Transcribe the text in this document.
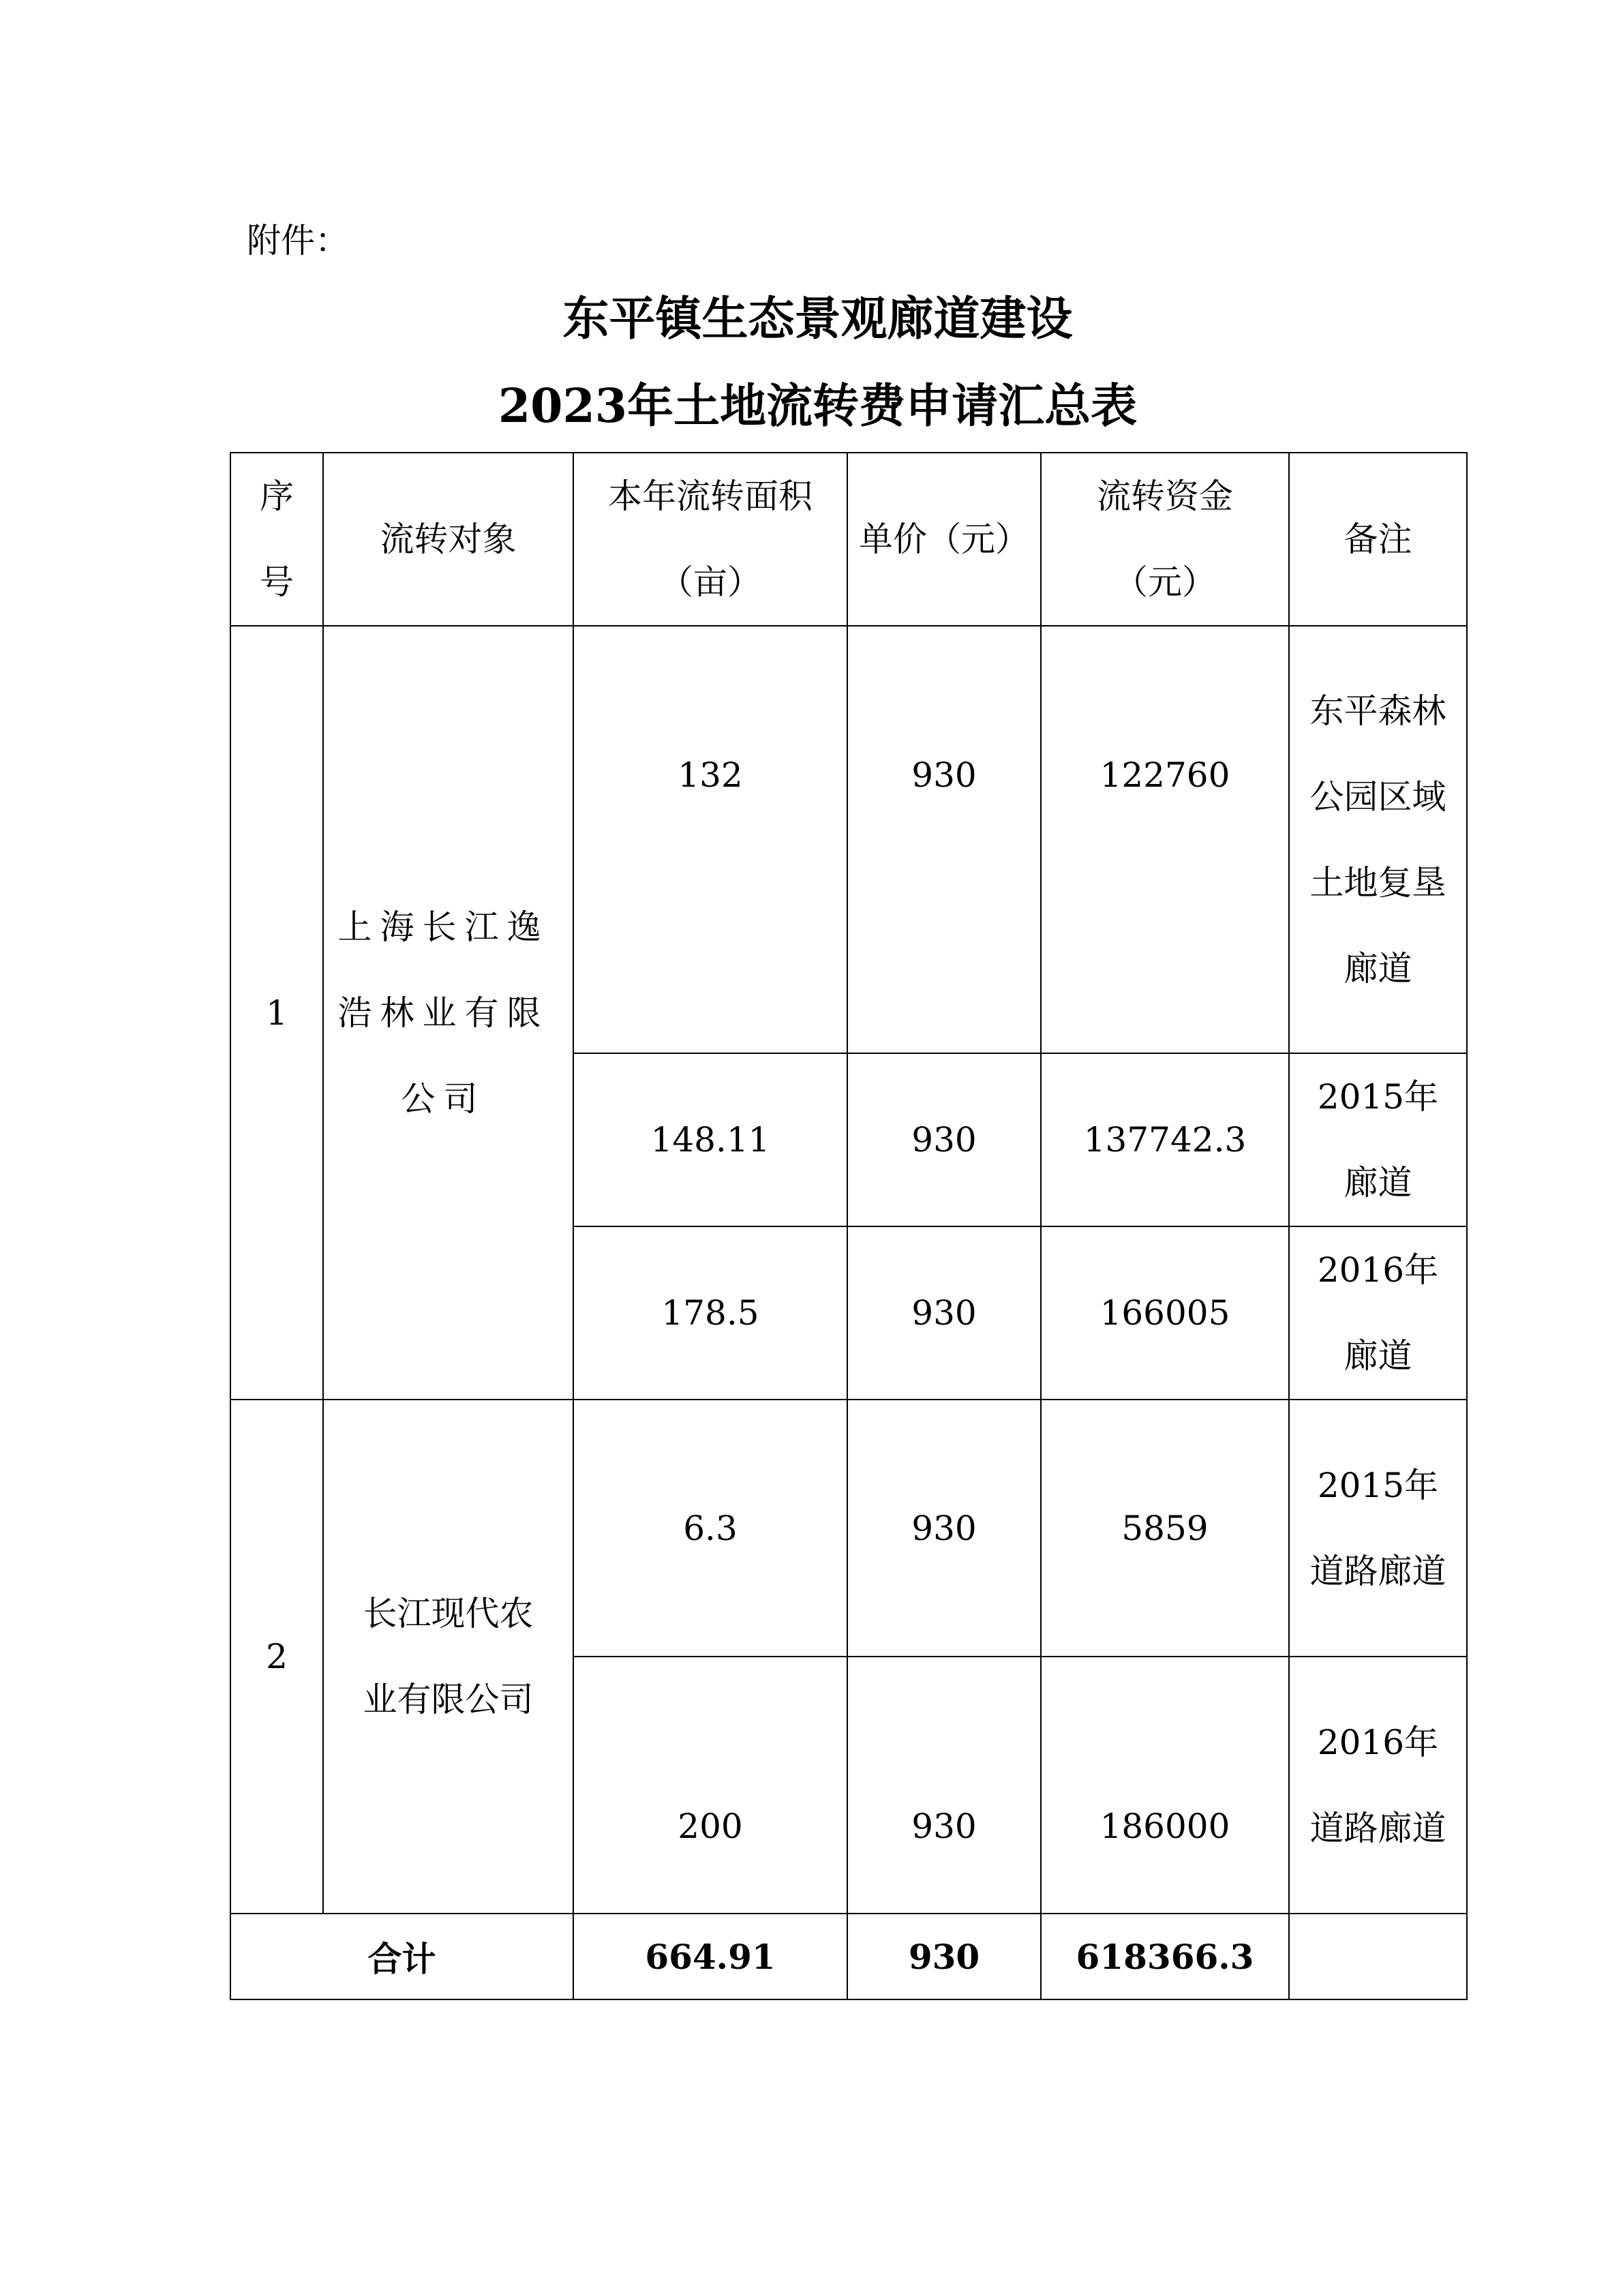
附件：
东平镇生态景观廊道建设
2023年土地流转费申请汇总表
序号	流转对象	本年流转面积（亩）	单价（元）	流转资金（元）	备注
1	上海长江逸浩林业有限公司	132	930	122760	东平森林公园区域土地复垦廊道
		148.11	930	137742.3	2015年廊道
		178.5	930	166005	2016年廊道
2	长江现代农业有限公司	6.3	930	5859	2015年道路廊道
		200	930	186000	2016年道路廊道
合计		664.91	930	618366.3	
